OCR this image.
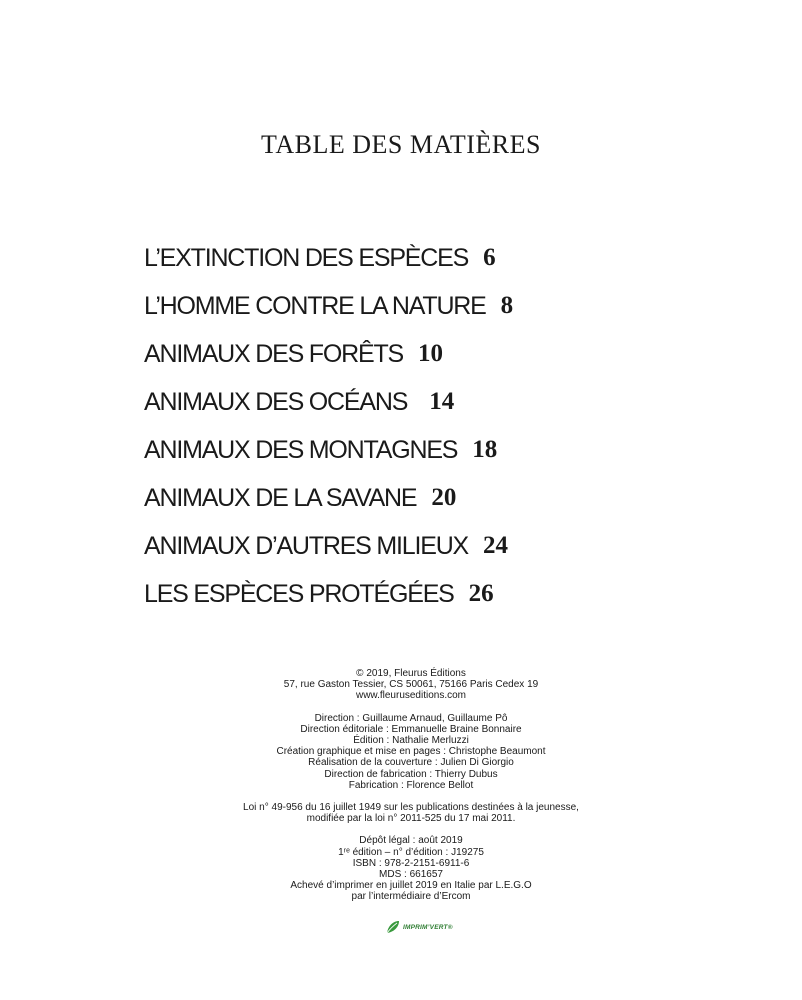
TABLE DES MATIÈRES
L’EXTINCTION DES ESPÈCES 6
L’HOMME CONTRE LA NATURE 8
ANIMAUX DES FORÊTS 10
ANIMAUX DES OCÉANS 14
ANIMAUX DES MONTAGNES 18
ANIMAUX DE LA SAVANE 20
ANIMAUX D’AUTRES MILIEUX 24
LES ESPÈCES PROTÉGÉES 26
© 2019, Fleurus Éditions
57, rue Gaston Tessier, CS 50061, 75166 Paris Cedex 19
www.fleuruseditions.com
Direction : Guillaume Arnaud, Guillaume Pô
Direction éditoriale : Emmanuelle Braine Bonnaire
Édition : Nathalie Merluzzi
Création graphique et mise en pages : Christophe Beaumont
Réalisation de la couverture : Julien Di Giorgio
Direction de fabrication : Thierry Dubus
Fabrication : Florence Bellot
Loi n° 49-956 du 16 juillet 1949 sur les publications destinées à la jeunesse,
modifiée par la loi n° 2011-525 du 17 mai 2011.
Dépôt légal : août 2019
1ʳᵉ édition – n° d’édition : J19275
ISBN : 978-2-2151-6911-6
MDS : 661657
Achevé d’imprimer en juillet 2019 en Italie par L.E.G.O
par l’intermédiaire d’Ercom
IMPRIM’VERT®
